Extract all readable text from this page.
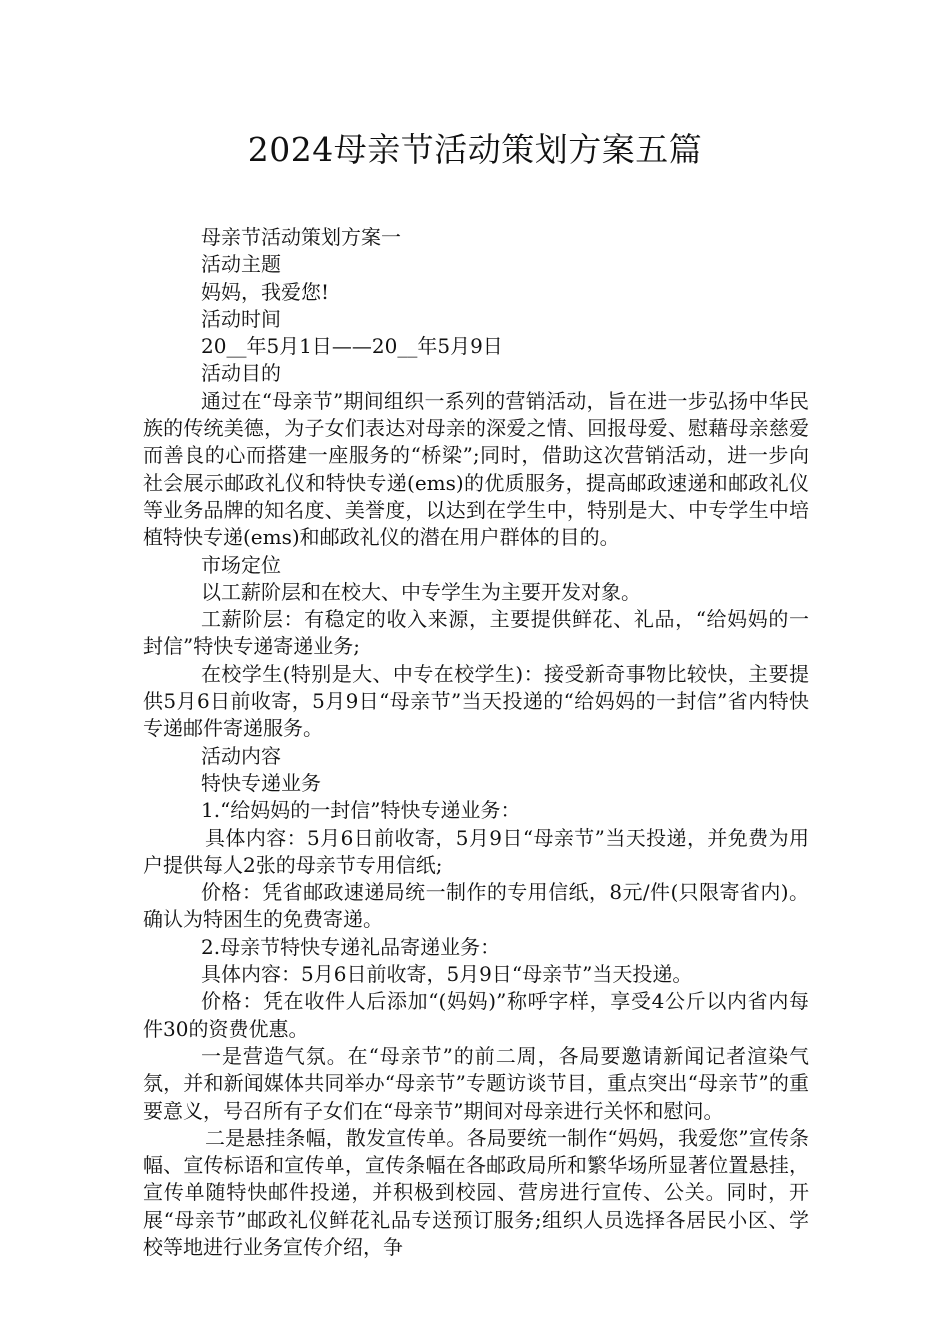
2024母亲节活动策划方案五篇

母亲节活动策划方案一

活动主题

妈妈，我爱您!

活动时间

20__年5月1日——20__年5月9日

活动目的

通过在“母亲节”期间组织一系列的营销活动，旨在进一步弘扬中华民族的传统美德，为子女们表达对母亲的深爱之情、回报母爱、慰藉母亲慈爱而善良的心而搭建一座服务的“桥梁”;同时，借助这次营销活动，进一步向社会展示邮政礼仪和特快专递(ems)的优质服务，提高邮政速递和邮政礼仪等业务品牌的知名度、美誉度，以达到在学生中，特别是大、中专学生中培植特快专递(ems)和邮政礼仪的潜在用户群体的目的。

市场定位

以工薪阶层和在校大、中专学生为主要开发对象。

工薪阶层：有稳定的收入来源，主要提供鲜花、礼品，“给妈妈的一封信”特快专递寄递业务;

在校学生(特别是大、中专在校学生)：接受新奇事物比较快，主要提供5月6日前收寄，5月9日“母亲节”当天投递的“给妈妈的一封信”省内特快专递邮件寄递服务。

活动内容

特快专递业务

1.“给妈妈的一封信”特快专递业务：

具体内容：5月6日前收寄，5月9日“母亲节”当天投递，并免费为用户提供每人2张的母亲节专用信纸;

价格：凭省邮政速递局统一制作的专用信纸，8元/件(只限寄省内)。确认为特困生的免费寄递。

2.母亲节特快专递礼品寄递业务：

具体内容：5月6日前收寄，5月9日“母亲节”当天投递。

价格：凭在收件人后添加“(妈妈)”称呼字样，享受4公斤以内省内每件30的资费优惠。

一是营造气氛。在“母亲节”的前二周，各局要邀请新闻记者渲染气氛，并和新闻媒体共同举办“母亲节”专题访谈节目，重点突出“母亲节”的重要意义，号召所有子女们在“母亲节”期间对母亲进行关怀和慰问。

二是悬挂条幅，散发宣传单。各局要统一制作“妈妈，我爱您”宣传条幅、宣传标语和宣传单，宣传条幅在各邮政局所和繁华场所显著位置悬挂，宣传单随特快邮件投递，并积极到校园、营房进行宣传、公关。同时，开展“母亲节”邮政礼仪鲜花礼品专送预订服务;组织人员选择各居民小区、学校等地进行业务宣传介绍，争
